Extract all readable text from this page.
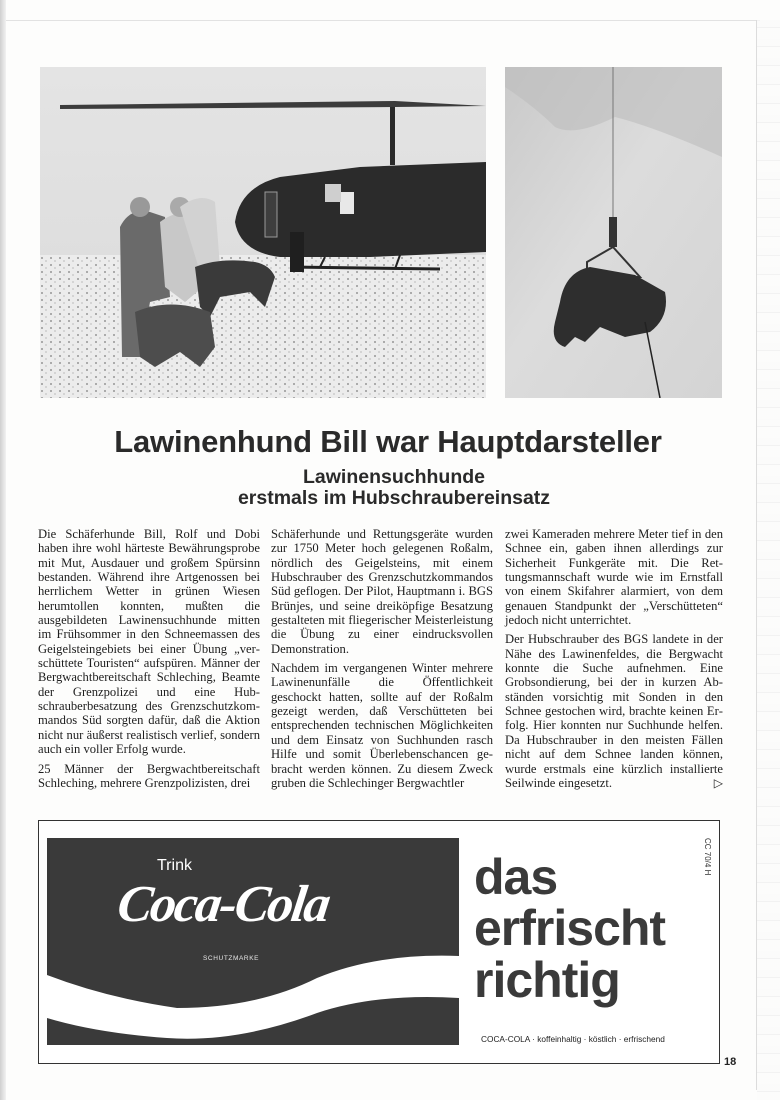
Lawinenhund Bill war Hauptdarsteller
Lawinensuchhunde
erstmals im Hubschraubereinsatz

Die Schäferhunde Bill, Rolf und Dobi haben ihre wohl härteste Bewährungsprobe mit Mut, Ausdauer und großem Spürsinn bestanden. Während ihre Artgenossen bei herrlichem Wetter in grünen Wiesen herumtollen konnten, mußten die ausgebildeten Lawinensuchhunde mitten im Frühsommer in den Schneemassen des Geigelsteingebiets bei einer Übung „verschüttete Touristen“ aufspüren. Männer der Bergwachtbereitschaft Schleching, Beamte der Grenzpolizei und eine Hubschrauberbesatzung des Grenzschutzkommandos Süd sorgten dafür, daß die Aktion nicht nur äußerst realistisch verlief, sondern auch ein voller Erfolg wurde.

25 Männer der Bergwachtbereitschaft Schleching, mehrere Grenzpolizisten, drei

Schäferhunde und Rettungsgeräte wurden zur 1750 Meter hoch gelegenen Roßalm, nördlich des Geigelsteins, mit einem Hubschrauber des Grenzschutzkommandos Süd geflogen. Der Pilot, Hauptmann i. BGS Brünjes, und seine dreiköpfige Besatzung gestalteten mit fliegerischer Meisterleistung die Übung zu einer eindrucksvollen Demonstration.

Nachdem im vergangenen Winter mehrere Lawinenunfälle die Öffentlichkeit geschockt hatten, sollte auf der Roßalm gezeigt werden, daß Verschütteten bei entsprechenden technischen Möglichkeiten und dem Einsatz von Suchhunden rasch Hilfe und somit Überlebenschancen gebracht werden können. Zu diesem Zweck gruben die Schlechinger Bergwachtler

zwei Kameraden mehrere Meter tief in den Schnee ein, gaben ihnen allerdings zur Sicherheit Funkgeräte mit. Die Rettungsmannschaft wurde wie im Ernstfall von einem Skifahrer alarmiert, von dem genauen Standpunkt der „Verschütteten“ jedoch nicht unterrichtet.

Der Hubschrauber des BGS landete in der Nähe des Lawinenfeldes, die Bergwacht konnte die Suche aufnehmen. Eine Grobsondierung, bei der in kurzen Abständen vorsichtig mit Sonden in den Schnee gestochen wird, brachte keinen Erfolg. Hier konnten nur Suchhunde helfen. Da Hubschrauber in den meisten Fällen nicht auf dem Schnee landen können, wurde erstmals eine kürzlich installierte Seilwinde eingesetzt.	▷

Trink
Coca-Cola
SCHUTZMARKE
das
erfrischt
richtig
COCA-COLA · koffeinhaltig · köstlich · erfrischend
CC 70/4 H
18
